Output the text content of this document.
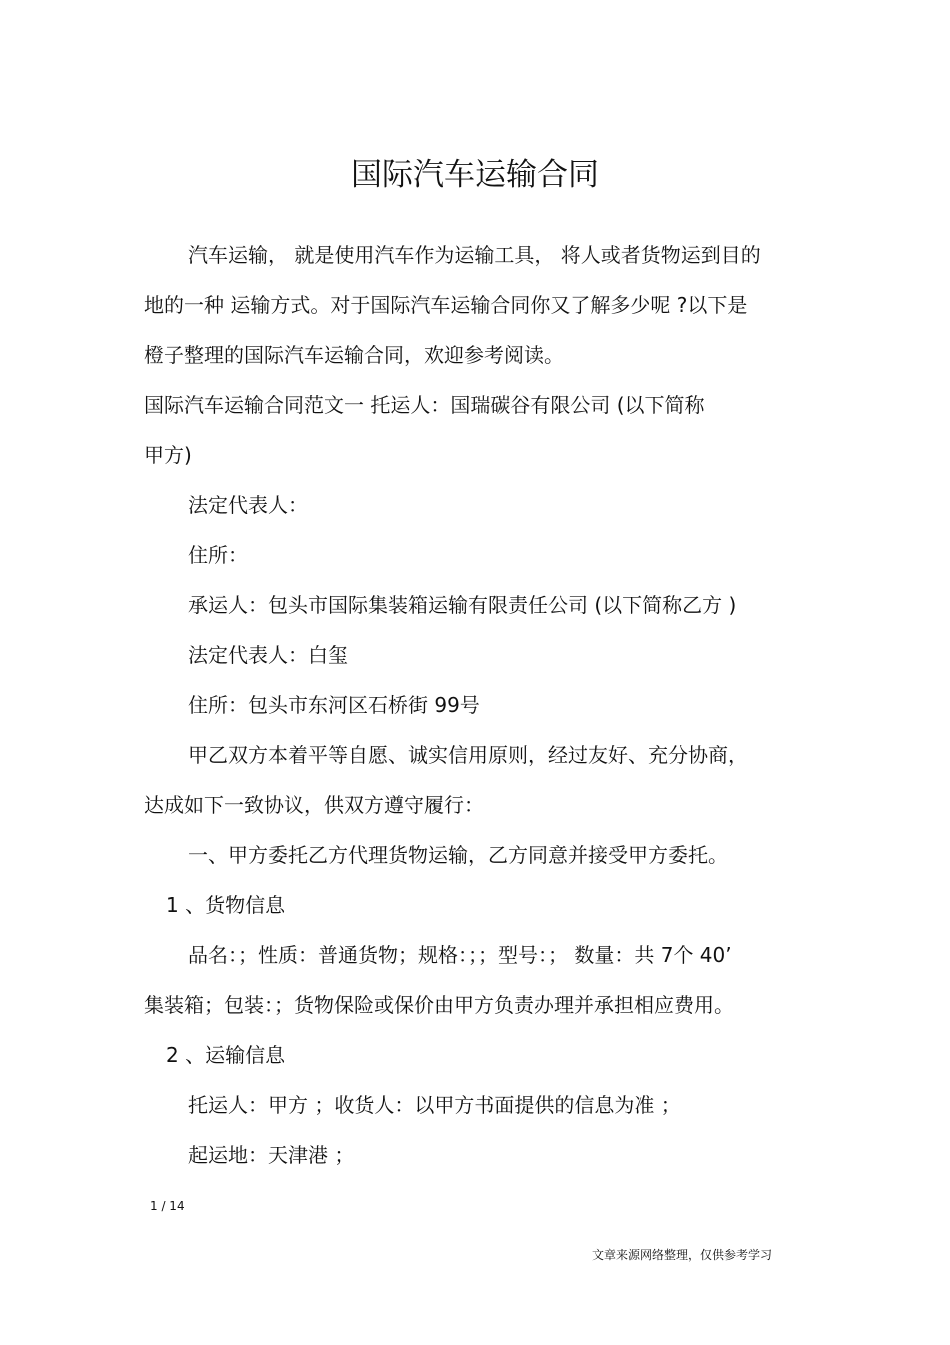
国际汽车运输合同
汽车运输， 就是使用汽车作为运输工具， 将人或者货物运到目的
地的一种 运输方式。对于国际汽车运输合同你又了解多少呢 ?以下是
橙子整理的国际汽车运输合同，欢迎参考阅读。
国际汽车运输合同范文一 托运人：国瑞碳谷有限公司 (以下简称
甲方)
法定代表人：
住所：
承运人：包头市国际集装箱运输有限责任公司 (以下简称乙方 )
法定代表人：白玺
住所：包头市东河区石桥街 99号
甲乙双方本着平等自愿、诚实信用原则，经过友好、充分协商，
达成如下一致协议，供双方遵守履行：
一、甲方委托乙方代理货物运输，乙方同意并接受甲方委托。
1 、货物信息
品名：；性质：普通货物；规格：；；型号：； 数量：共 7个 40’
集装箱；包装：；货物保险或保价由甲方负责办理并承担相应费用。
2 、运输信息
托运人：甲方 ；收货人：以甲方书面提供的信息为准 ；
起运地：天津港 ；
1 / 14
文章来源网络整理，仅供参考学习
